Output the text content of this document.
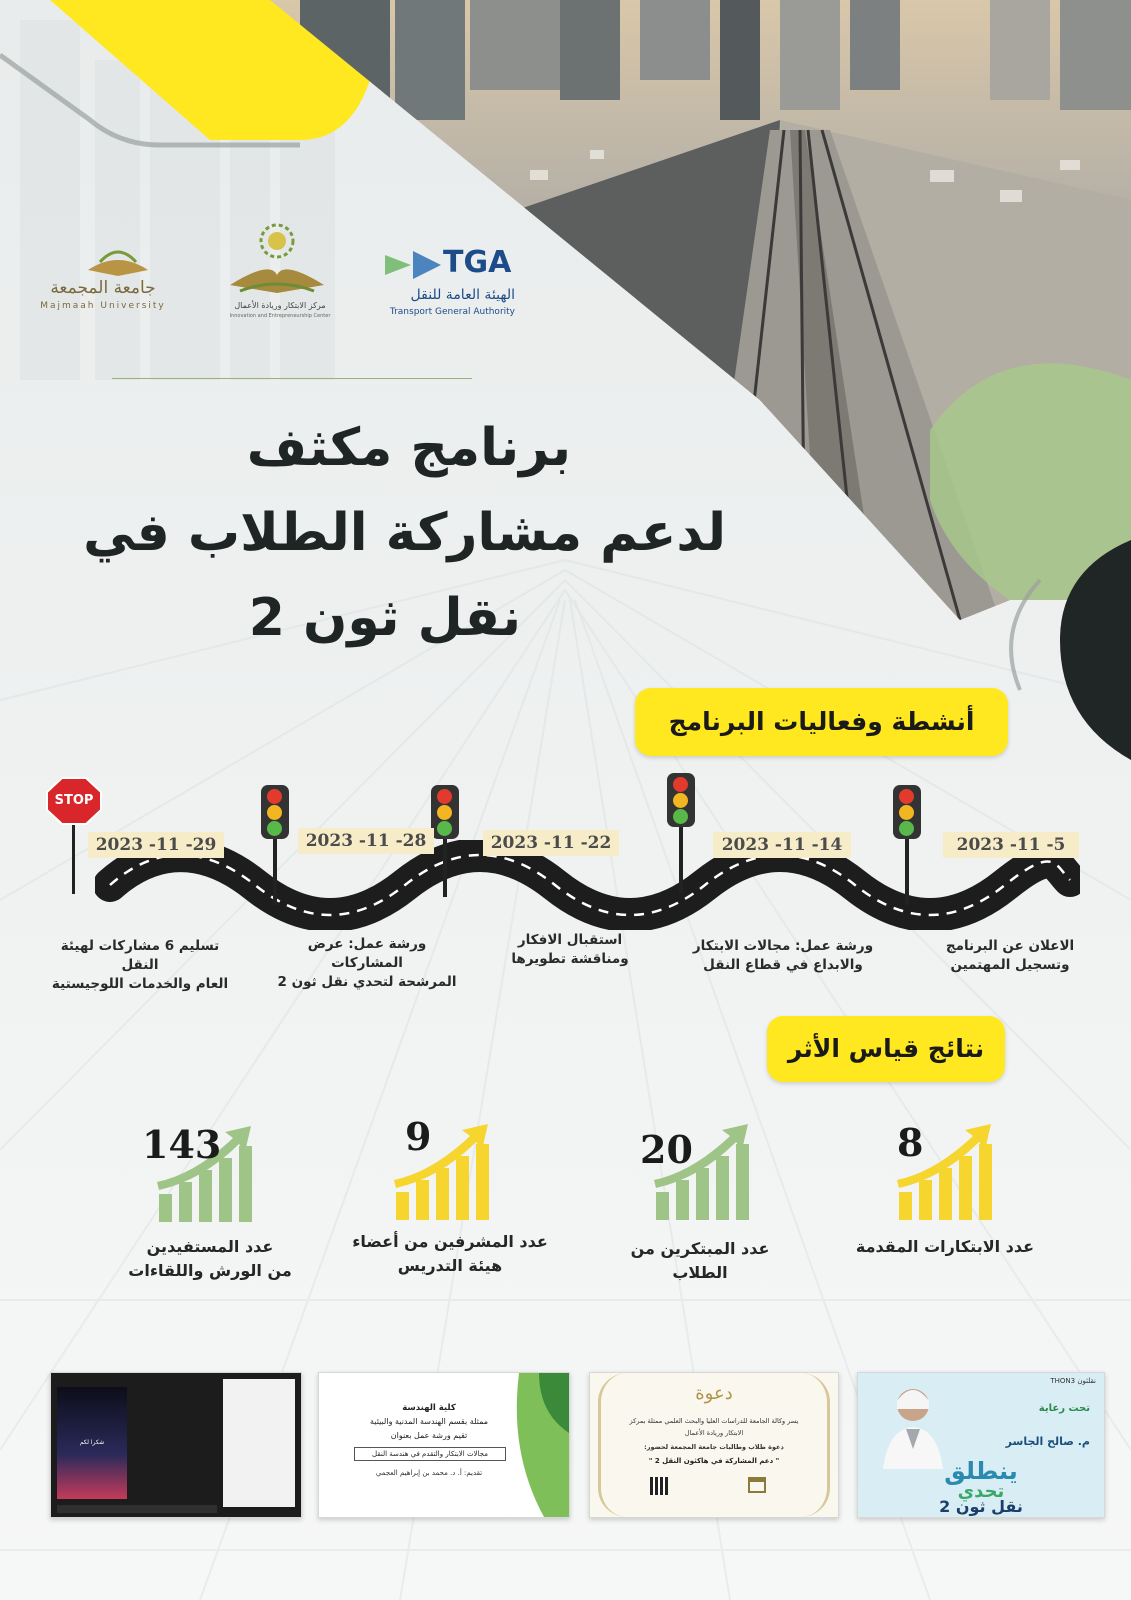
TGA
الهيئة العامة للنقل
Transport General Authority
مركز الابتكار وريادة الأعمال
Innovation and Entrepreneurship Center
جامعة المجمعة
Majmaah University
برنامج مكثف
لدعم مشاركة الطلاب في
نقل ثون 2
أنشطة وفعاليات البرنامج
STOP
2023 -11 -5
2023 -11 -14
2023 -11 -22
2023 -11 -28
2023 -11 -29
الاعلان عن البرنامج
وتسجيل المهتمين
ورشة عمل: مجالات الابتكار
والابداع في قطاع النقل
استقبال الافكار
ومناقشة تطويرها
ورشة عمل: عرض المشاركات
المرشحة لتحدي نقل ثون 2
تسليم 6 مشاركات لهيئة النقل
العام والخدمات اللوجيستية
نتائج قياس الأثر
8
20
9
143
عدد الابتكارات المقدمة
عدد المبتكرين من
الطلاب
عدد المشرفين من أعضاء
هيئة التدريس
عدد المستفيدين
من الورش واللقاءات
THON3 نقلثون
تحت رعاية
م. صالح الجاسر
ينطلق
تحدي
نقل ثون 2
دعوة
يسر وكالة الجامعة للدراسات العليا والبحث العلمي ممثلة بمركز
الابتكار وريادة الأعمال
دعوة طلاب وطالبات جامعة المجمعة لحضور:
" دعم المشاركة في هاكثون النقل 2 "
كلية الهندسة
ممثلة بقسم الهندسة المدنية والبيئية
تقيم ورشة عمل بعنوان
مجالات الابتكار والتقدم في هندسة النقل
تقديم: أ. د. محمد بن إبراهيم العجمي
شكرا لكم
